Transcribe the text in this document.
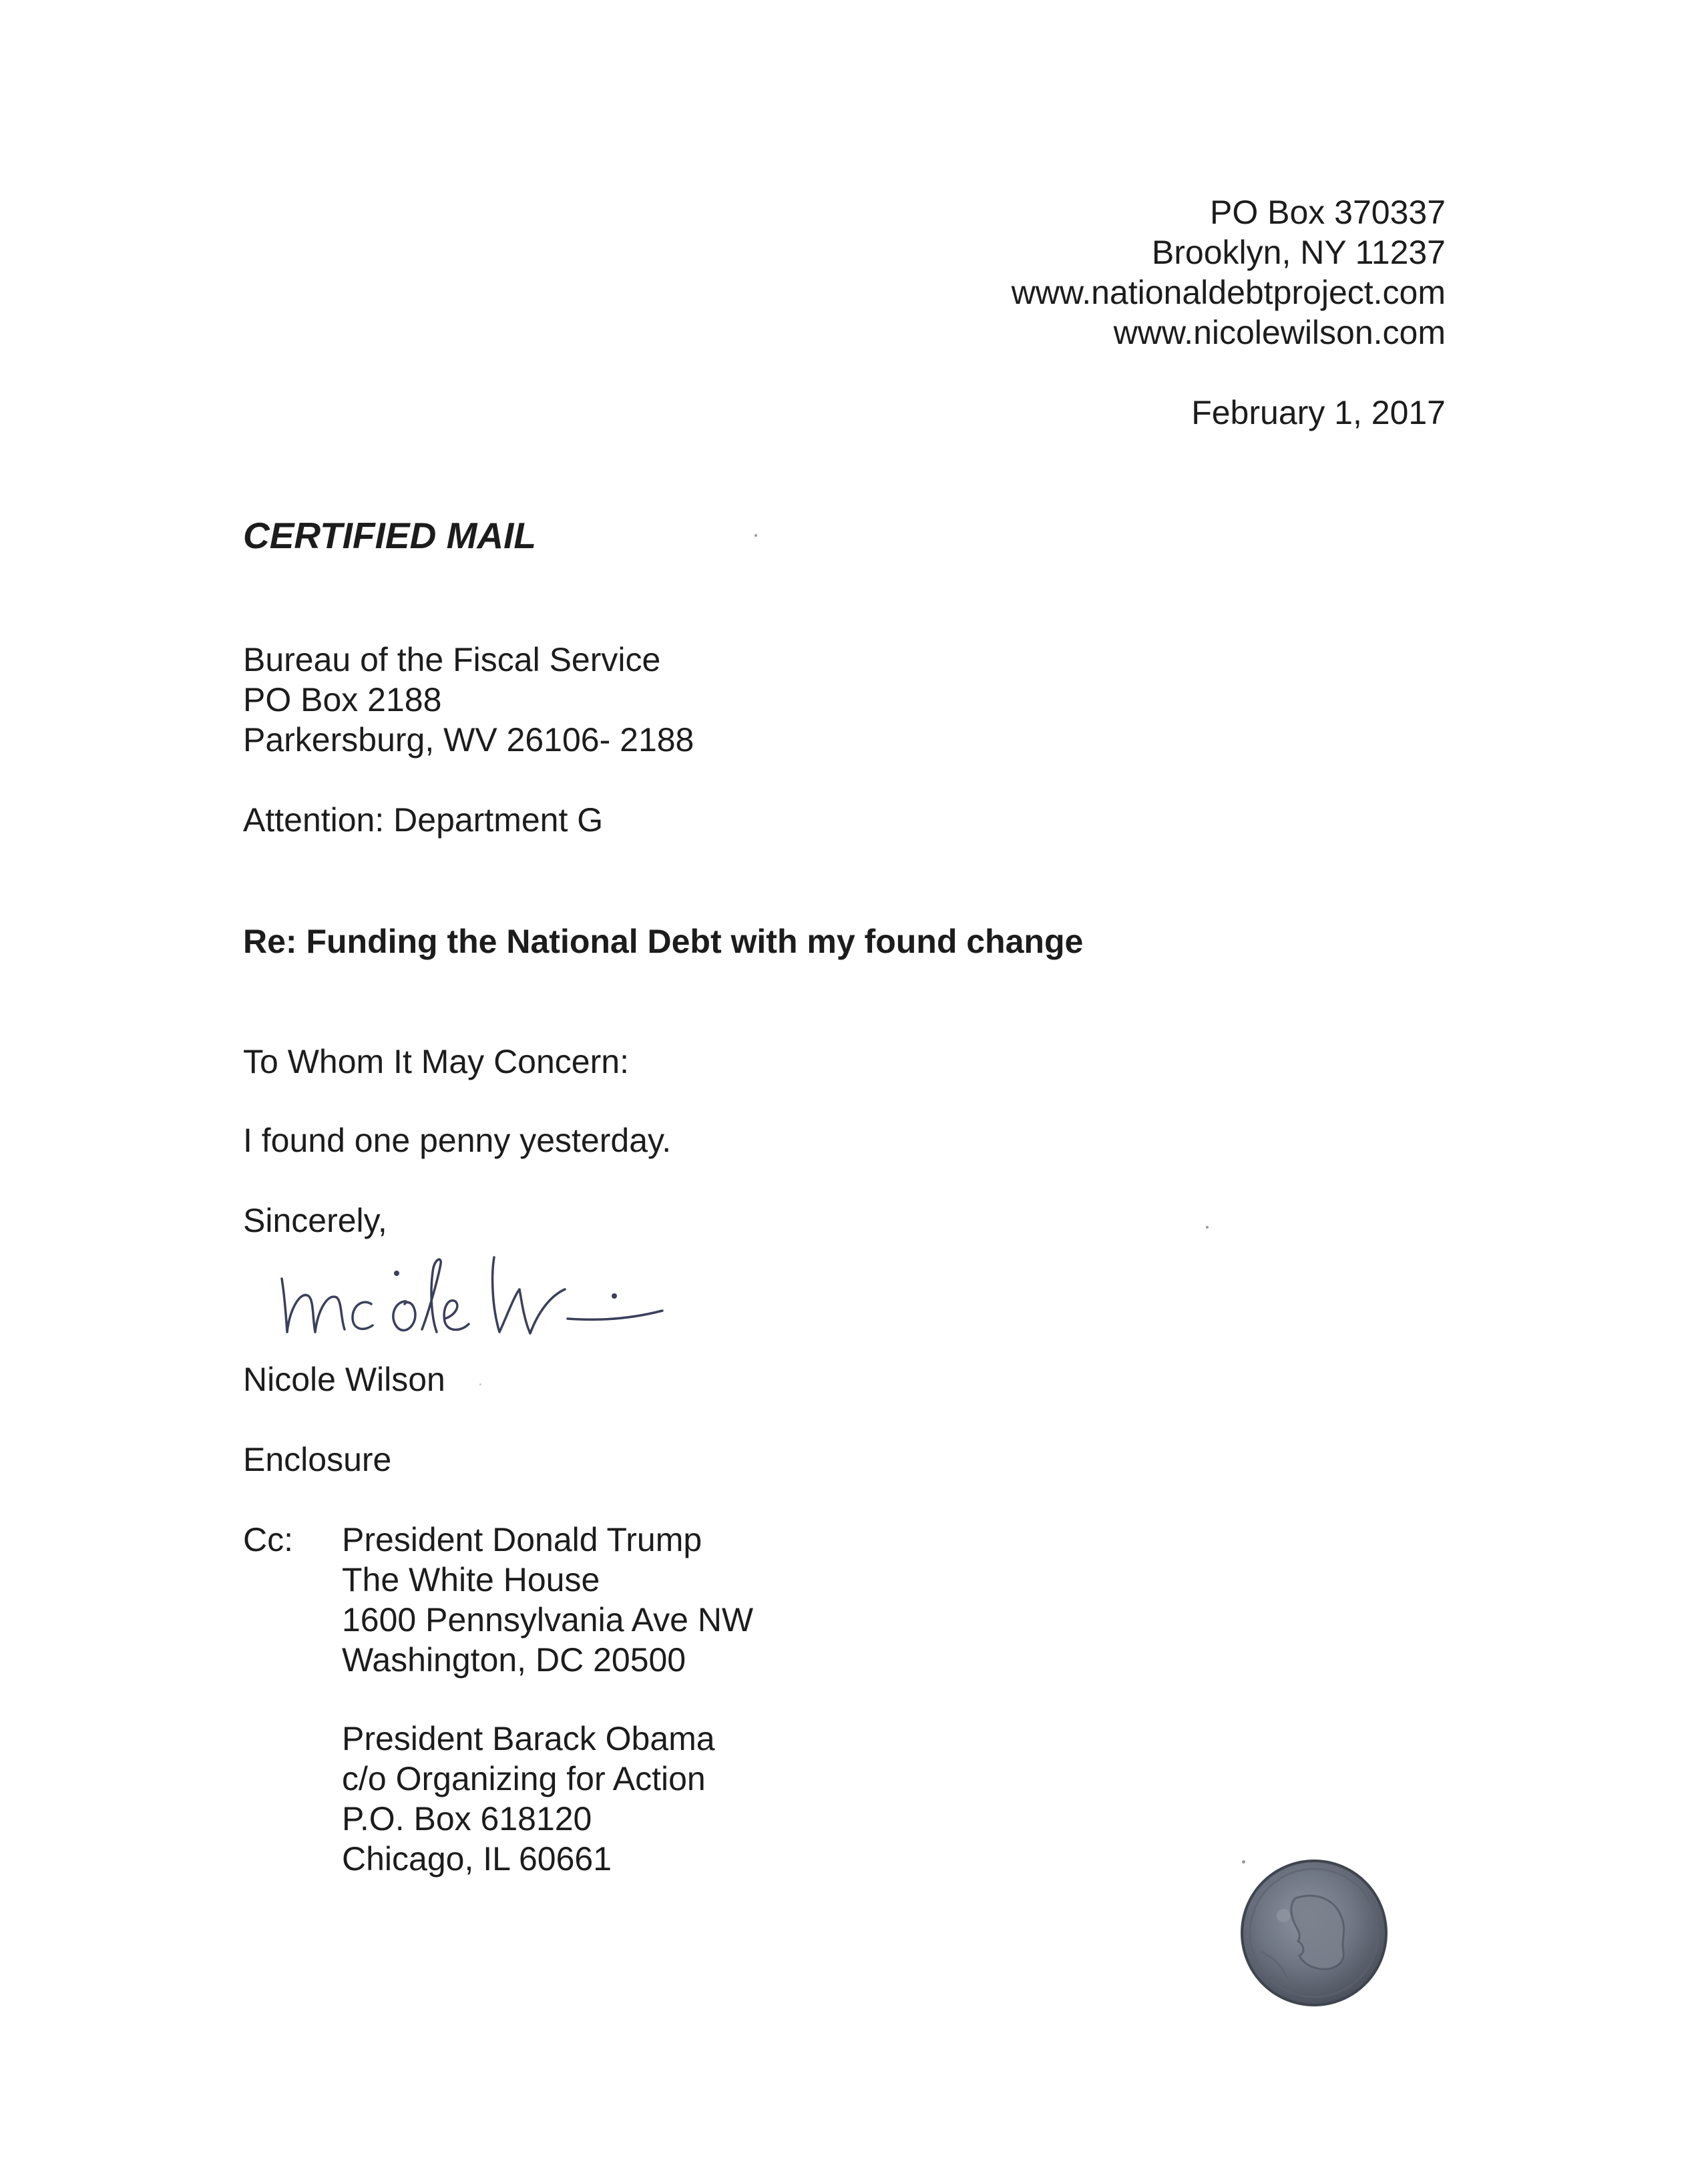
PO Box 370337
Brooklyn, NY 11237
www.nationaldebtproject.com
www.nicolewilson.com
February 1, 2017
CERTIFIED MAIL
Bureau of the Fiscal Service
PO Box 2188
Parkersburg, WV 26106- 2188
Attention: Department G
Re: Funding the National Debt with my found change
To Whom It May Concern:
I found one penny yesterday.
Sincerely,
Nicole Wilson
Enclosure
Cc: President Donald Trump
The White House
1600 Pennsylvania Ave NW
Washington, DC 20500
President Barack Obama
c/o Organizing for Action
P.O. Box 618120
Chicago, IL 60661
